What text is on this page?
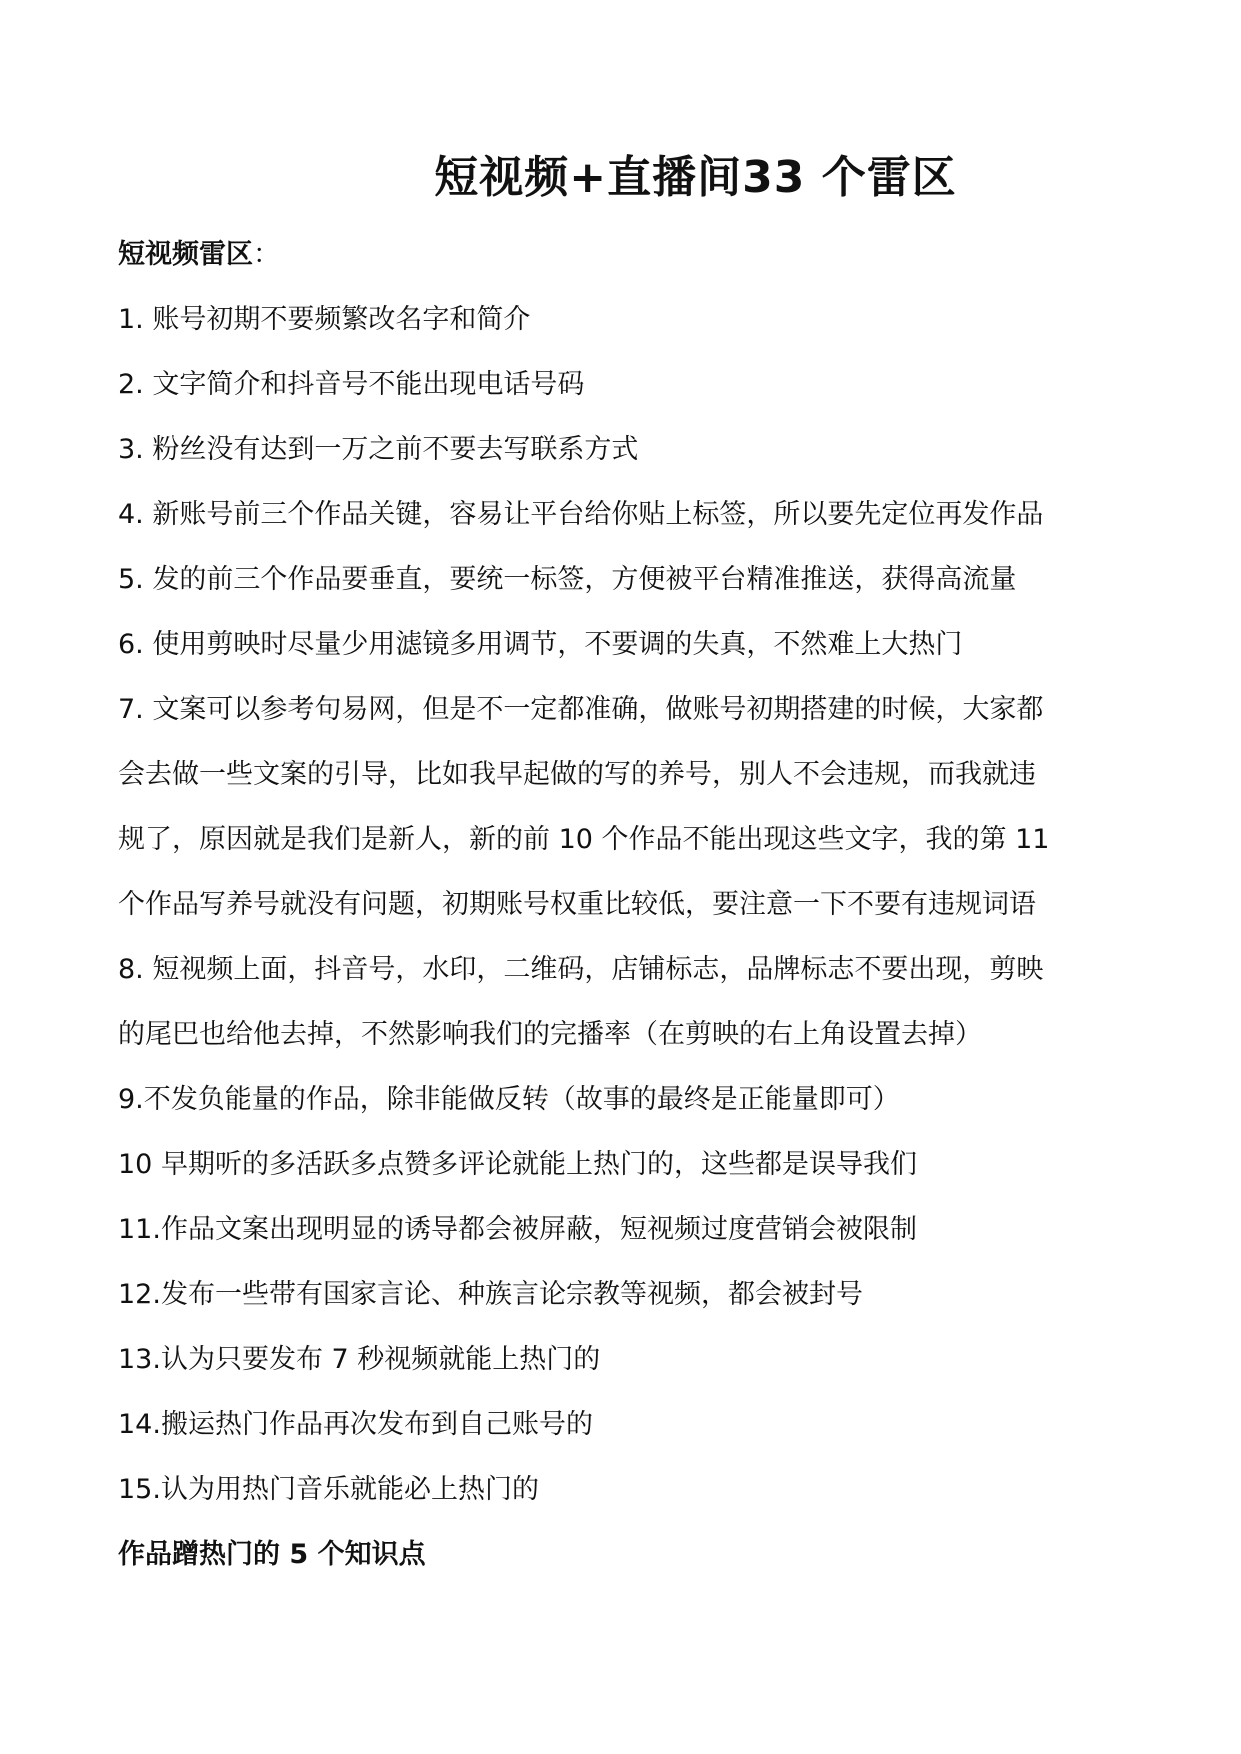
短视频+直播间33 个雷区
短视频雷区：
1. 账号初期不要频繁改名字和简介
2. 文字简介和抖音号不能出现电话号码
3. 粉丝没有达到一万之前不要去写联系方式
4. 新账号前三个作品关键，容易让平台给你贴上标签，所以要先定位再发作品
5. 发的前三个作品要垂直，要统一标签，方便被平台精准推送，获得高流量
6. 使用剪映时尽量少用滤镜多用调节，不要调的失真，不然难上大热门
7. 文案可以参考句易网，但是不一定都准确，做账号初期搭建的时候，大家都
会去做一些文案的引导，比如我早起做的写的养号，别人不会违规，而我就违
规了，原因就是我们是新人，新的前 10 个作品不能出现这些文字，我的第 11
个作品写养号就没有问题，初期账号权重比较低，要注意一下不要有违规词语
8. 短视频上面，抖音号，水印，二维码，店铺标志，品牌标志不要出现，剪映
的尾巴也给他去掉，不然影响我们的完播率（在剪映的右上角设置去掉）
9.不发负能量的作品，除非能做反转（故事的最终是正能量即可）
10 早期听的多活跃多点赞多评论就能上热门的，这些都是误导我们
11.作品文案出现明显的诱导都会被屏蔽，短视频过度营销会被限制
12.发布一些带有国家言论、种族言论宗教等视频，都会被封号
13.认为只要发布 7 秒视频就能上热门的
14.搬运热门作品再次发布到自己账号的
15.认为用热门音乐就能必上热门的
作品蹭热门的 5 个知识点
